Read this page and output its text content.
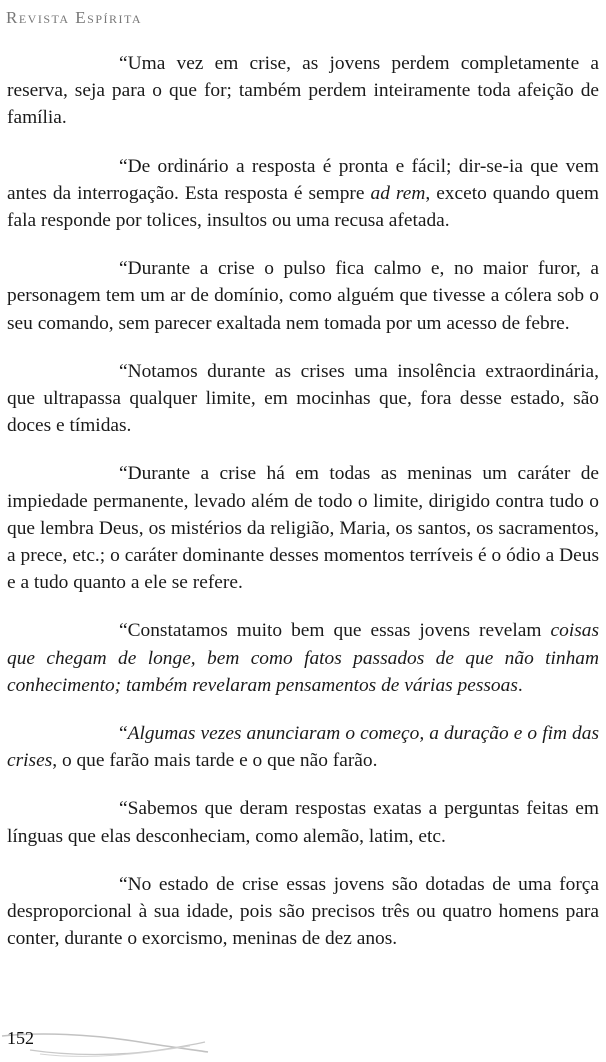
Revista Espírita

“Uma vez em crise, as jovens perdem completamente a reserva, seja para o que for; também perdem inteiramente toda afeição de família.

“De ordinário a resposta é pronta e fácil; dir-se-ia que vem antes da interrogação. Esta resposta é sempre ad rem, exceto quando quem fala responde por tolices, insultos ou uma recusa afetada.

“Durante a crise o pulso fica calmo e, no maior furor, a personagem tem um ar de domínio, como alguém que tivesse a cólera sob o seu comando, sem parecer exaltada nem tomada por um acesso de febre.

“Notamos durante as crises uma insolência extraordinária, que ultrapassa qualquer limite, em mocinhas que, fora desse estado, são doces e tímidas.

“Durante a crise há em todas as meninas um caráter de impiedade permanente, levado além de todo o limite, dirigido contra tudo o que lembra Deus, os mistérios da religião, Maria, os santos, os sacramentos, a prece, etc.; o caráter dominante desses momentos terríveis é o ódio a Deus e a tudo quanto a ele se refere.

“Constatamos muito bem que essas jovens revelam coisas que chegam de longe, bem como fatos passados de que não tinham conhecimento; também revelaram pensamentos de várias pessoas.

“Algumas vezes anunciaram o começo, a duração e o fim das crises, o que farão mais tarde e o que não farão.

“Sabemos que deram respostas exatas a perguntas feitas em línguas que elas desconheciam, como alemão, latim, etc.

“No estado de crise essas jovens são dotadas de uma força desproporcional à sua idade, pois são precisos três ou quatro homens para conter, durante o exorcismo, meninas de dez anos.

152
